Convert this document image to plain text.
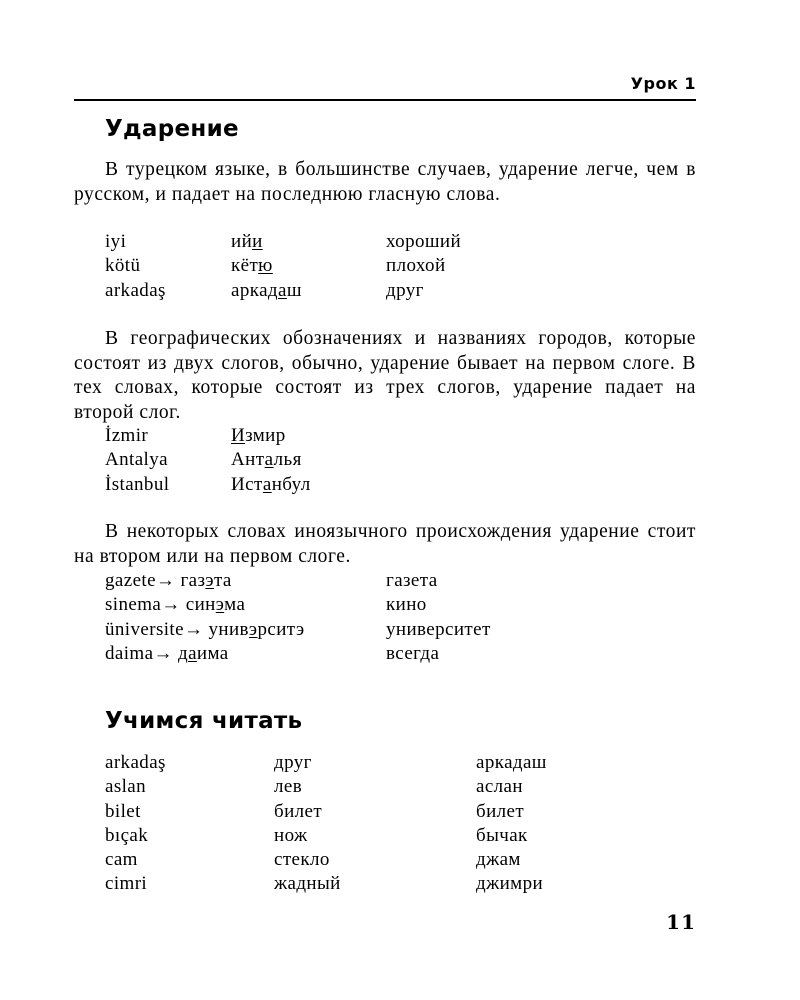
Урок 1
Ударение

В турецком языке, в большинстве случаев, ударение легче, чем в русском, и падает на последнюю гласную слова.

iyi	ийи	хороший
kötü	кётю	плохой
arkadaş	аркадаш	друг

В географических обозначениях и названиях городов, которые состоят из двух слогов, обычно, ударение бывает на первом слоге. В тех словах, которые состоят из трех слогов, ударение падает на второй слог.

İzmir	Измир
Antalya	Анталья
İstanbul	Истанбул

В некоторых словах иноязычного происхождения ударение стоит на втором или на первом слоге.

gazete→ газэта	газета
sinema→ синэма	кино
üniversite→ унивэрситэ	университет
daima→ даима	всегда
Учимся читать
arkadaş	друг	аркадаш
aslan	лев	аслан
bilet	билет	билет
bıçak	нож	бычак
cam	стекло	джам
cimri	жадный	джимри
11
